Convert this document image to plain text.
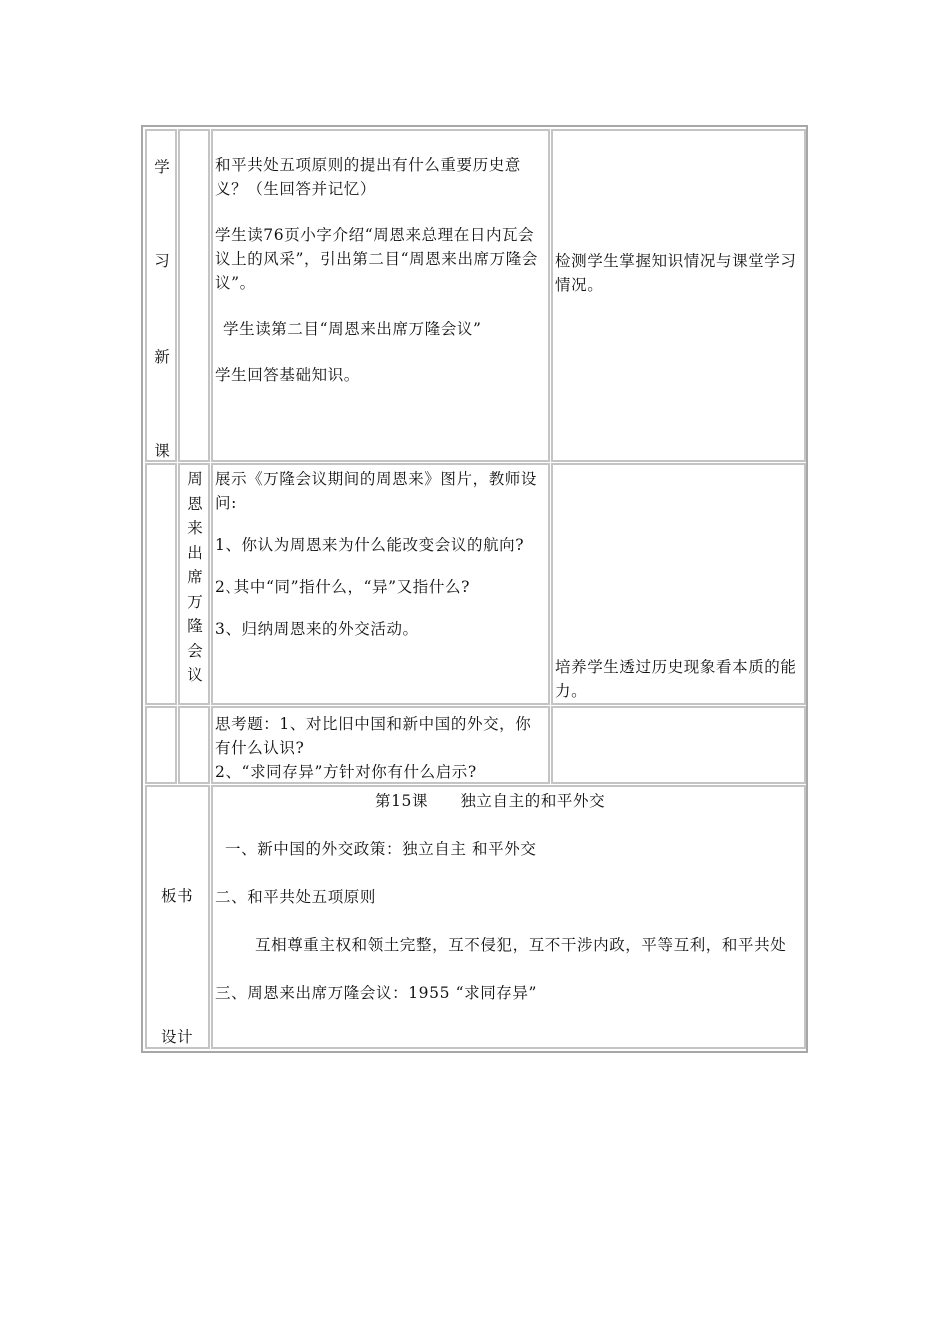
学
习
新
课

和平共处五项原则的提出有什么重要历史意义？（生回答并记忆）

学生读76页小字介绍“周恩来总理在日内瓦会议上的风采”，引出第二目“周恩来出席万隆会议”。

学生读第二目“周恩来出席万隆会议”

学生回答基础知识。

检测学生掌握知识情况与课堂学习情况。

周
恩
来
出
席
万
隆
会
议

展示《万隆会议期间的周恩来》图片，教师设问:

1、你认为周恩来为什么能改变会议的航向?

2､其中“同”指什么，“异”又指什么?

3、归纳周恩来的外交活动。

培养学生透过历史现象看本质的能力。

思考题：1、对比旧中国和新中国的外交，你有什么认识?

2、“求同存异”方针对你有什么启示?

板书

设计

第15课　　独立自主的和平外交

一、新中国的外交政策：独立自主 和平外交

二、和平共处五项原则

互相尊重主权和领土完整，互不侵犯，互不干涉内政，平等互利，和平共处

三、周恩来出席万隆会议：1955 “求同存异”
